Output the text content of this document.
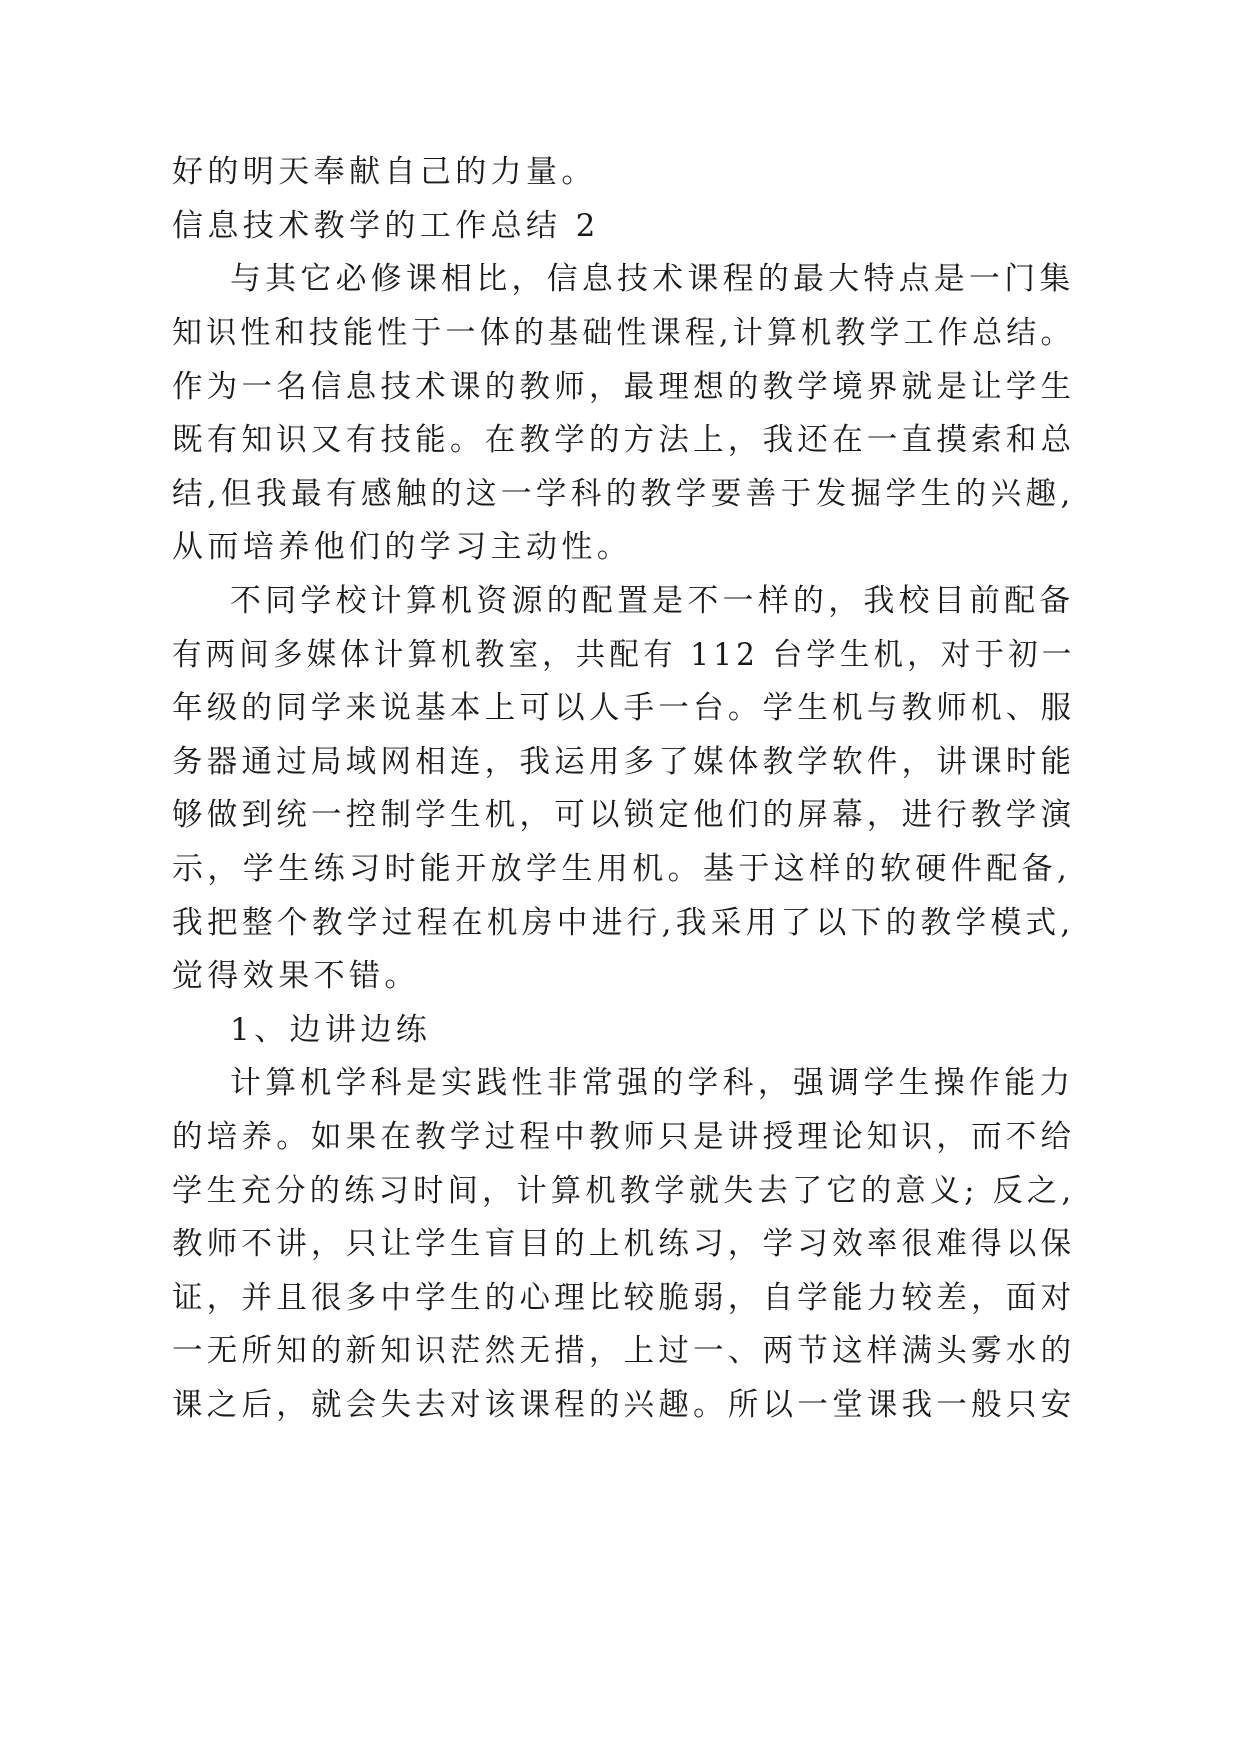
好的明天奉献自己的力量。
信息技术教学的工作总结 2
与其它必修课相比，信息技术课程的最大特点是一门集
知识性和技能性于一体的基础性课程,计算机教学工作总结。
作为一名信息技术课的教师，最理想的教学境界就是让学生
既有知识又有技能。在教学的方法上，我还在一直摸索和总
结,但我最有感触的这一学科的教学要善于发掘学生的兴趣,
从而培养他们的学习主动性。
不同学校计算机资源的配置是不一样的，我校目前配备
有两间多媒体计算机教室，共配有 112 台学生机，对于初一
年级的同学来说基本上可以人手一台。学生机与教师机、服
务器通过局域网相连，我运用多了媒体教学软件，讲课时能
够做到统一控制学生机，可以锁定他们的屏幕，进行教学演
示，学生练习时能开放学生用机。基于这样的软硬件配备,
我把整个教学过程在机房中进行,我采用了以下的教学模式,
觉得效果不错。
1、边讲边练
计算机学科是实践性非常强的学科，强调学生操作能力
的培养。如果在教学过程中教师只是讲授理论知识，而不给
学生充分的练习时间，计算机教学就失去了它的意义; 反之,
教师不讲，只让学生盲目的上机练习，学习效率很难得以保
证，并且很多中学生的心理比较脆弱，自学能力较差，面对
一无所知的新知识茫然无措，上过一、两节这样满头雾水的
课之后，就会失去对该课程的兴趣。所以一堂课我一般只安
